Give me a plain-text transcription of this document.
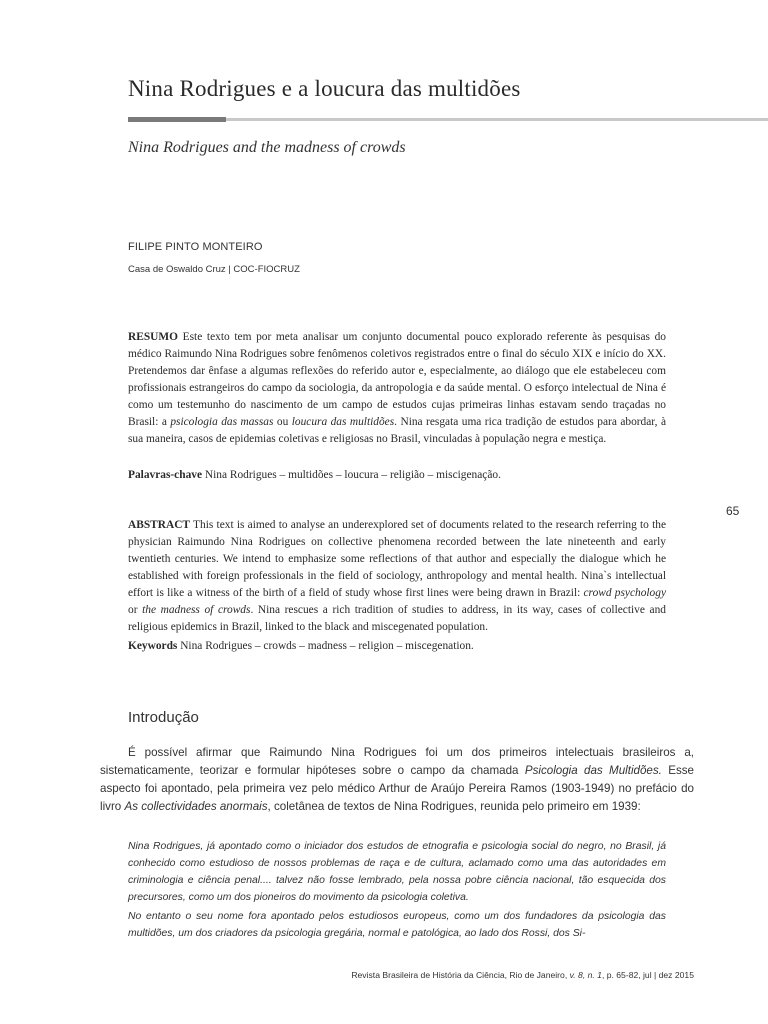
Nina Rodrigues e a loucura das multidões
Nina Rodrigues and the madness of crowds
FILIPE PINTO MONTEIRO
Casa de Oswaldo Cruz | COC-FIOCRUZ

RESUMO Este texto tem por meta analisar um conjunto documental pouco explorado referente às pesquisas do médico Raimundo Nina Rodrigues sobre fenômenos coletivos registrados entre o final do século XIX e início do XX. Pretendemos dar ênfase a algumas reflexões do referido autor e, especialmente, ao diálogo que ele estabeleceu com profissionais estrangeiros do campo da sociologia, da antropologia e da saúde mental. O esforço intelectual de Nina é como um testemunho do nascimento de um campo de estudos cujas primeiras linhas estavam sendo traçadas no Brasil: a psicologia das massas ou loucura das multidões. Nina resgata uma rica tradição de estudos para abordar, à sua maneira, casos de epidemias coletivas e religiosas no Brasil, vinculadas à população negra e mestiça.

Palavras-chave Nina Rodrigues – multidões – loucura – religião – miscigenação.

65

ABSTRACT This text is aimed to analyse an underexplored set of documents related to the research referring to the physician Raimundo Nina Rodrigues on collective phenomena recorded between the late nineteenth and early twentieth centuries. We intend to emphasize some reflections of that author and especially the dialogue which he established with foreign professionals in the field of sociology, anthropology and mental health. Nina`s intellectual effort is like a witness of the birth of a field of study whose first lines were being drawn in Brazil: crowd psychology or the madness of crowds. Nina rescues a rich tradition of studies to address, in its way, cases of collective and religious epidemics in Brazil, linked to the black and miscegenated population.

Keywords Nina Rodrigues – crowds – madness – religion – miscegenation.

Introdução

É possível afirmar que Raimundo Nina Rodrigues foi um dos primeiros intelectuais brasileiros a, sistematicamente, teorizar e formular hipóteses sobre o campo da chamada Psicologia das Multidões. Esse aspecto foi apontado, pela primeira vez pelo médico Arthur de Araújo Pereira Ramos (1903-1949) no prefácio do livro As collectividades anormais, coletânea de textos de Nina Rodrigues, reunida pelo primeiro em 1939:

Nina Rodrigues, já apontado como o iniciador dos estudos de etnografia e psicologia social do negro, no Brasil, já conhecido como estudioso de nossos problemas de raça e de cultura, aclamado como uma das autoridades em criminologia e ciência penal.... talvez não fosse lembrado, pela nossa pobre ciência nacional, tão esquecida dos precursores, como um dos pioneiros do movimento da psicologia coletiva.
No entanto o seu nome fora apontado pelos estudiosos europeus, como um dos fundadores da psicologia das multidões, um dos criadores da psicologia gregária, normal e patológica, ao lado dos Rossi, dos Si-
Revista Brasileira de História da Ciência, Rio de Janeiro, v. 8, n. 1, p. 65-82, jul | dez 2015
